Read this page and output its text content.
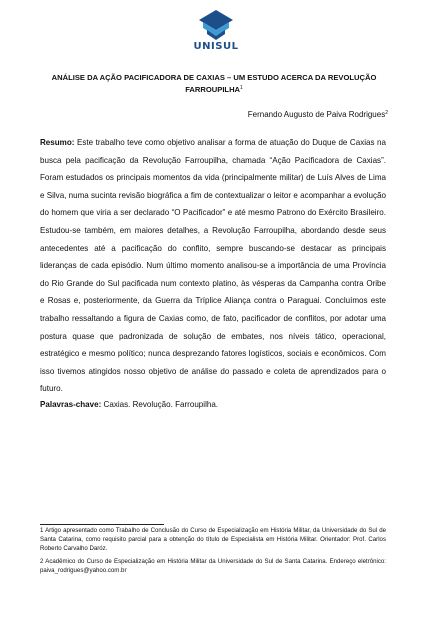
UNISUL
ANÁLISE DA AÇÃO PACIFICADORA DE CAXIAS – UM ESTUDO ACERCA DA REVOLUÇÃO FARROUPILHA$^1$
Fernando Augusto de Paiva Rodrigues$^2$
Resumo: Este trabalho teve como objetivo analisar a forma de atuação do Duque de Caxias na busca pela pacificação da Revolução Farroupilha, chamada “Ação Pacificadora de Caxias”. Foram estudados os principais momentos da vida (principalmente militar) de Luís Alves de Lima e Silva, numa sucinta revisão biográfica a fim de contextualizar o leitor e acompanhar a evolução do homem que viria a ser declarado “O Pacificador” e até mesmo Patrono do Exército Brasileiro. Estudou-se também, em maiores detalhes, a Revolução Farroupilha, abordando desde seus antecedentes até a pacificação do conflito, sempre buscando-se destacar as principais lideranças de cada episódio. Num último momento analisou-se a importância de uma Província do Rio Grande do Sul pacificada num contexto platino, às vésperas da Campanha contra Oribe e Rosas e, posteriormente, da Guerra da Tríplice Aliança contra o Paraguai. Concluímos este trabalho ressaltando a figura de Caxias como, de fato, pacificador de conflitos, por adotar uma postura quase que padronizada de solução de embates, nos níveis tático, operacional, estratégico e mesmo político; nunca desprezando fatores logísticos, sociais e econômicos. Com isso tivemos atingidos nosso objetivo de análise do passado e coleta de aprendizados para o futuro.
Palavras-chave: Caxias. Revolução. Farroupilha.

1 Artigo apresentado como Trabalho de Conclusão do Curso de Especialização em História Militar, da Universidade do Sul de Santa Catarina, como requisito parcial para a obtenção do título de Especialista em História Militar. Orientador: Prof. Carlos Roberto Carvalho Daróz.

2 Acadêmico do Curso de Especialização em História Militar da Universidade do Sul de Santa Catarina. Endereço eletrônico: paiva_rodrigues@yahoo.com.br
